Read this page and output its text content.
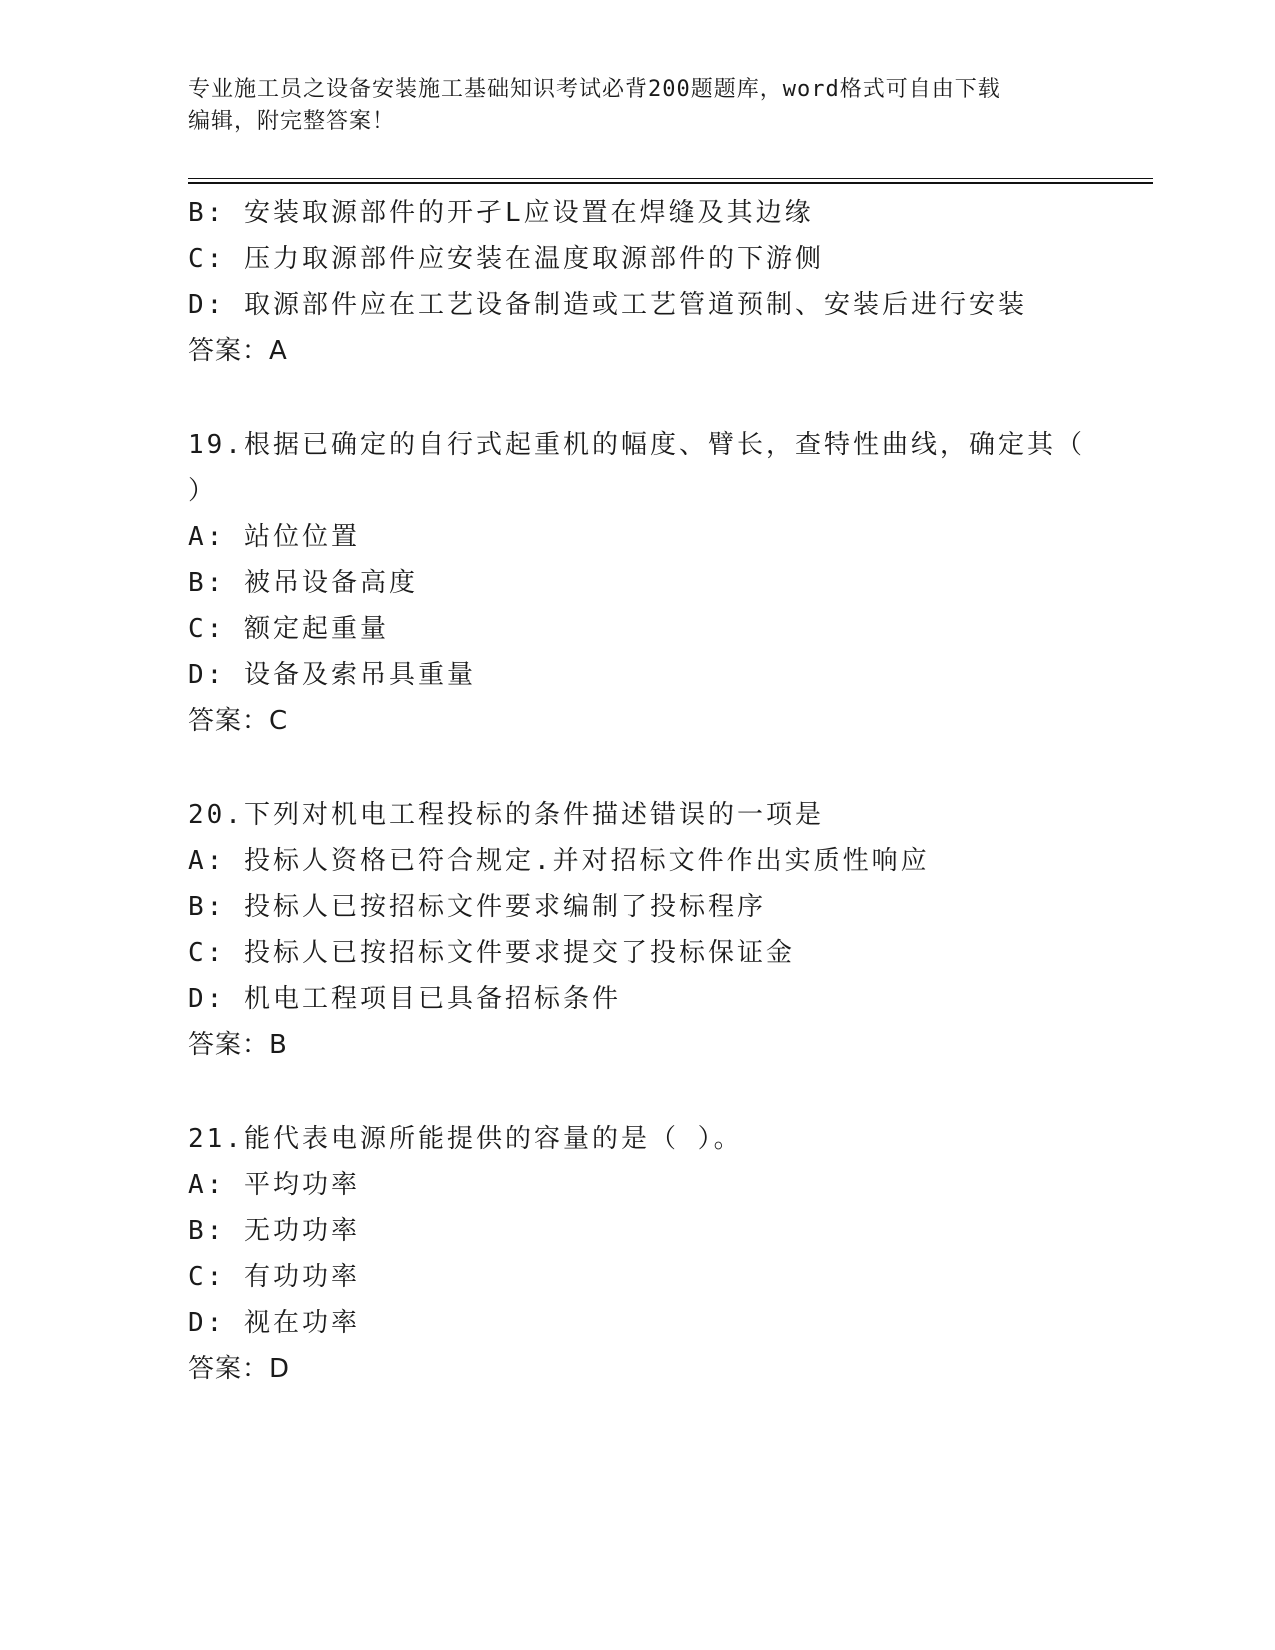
专业施工员之设备安装施工基础知识考试必背200题题库，word格式可自由下载
编辑，附完整答案！
B: 安装取源部件的开孑L应设置在焊缝及其边缘
C: 压力取源部件应安装在温度取源部件的下游侧
D: 取源部件应在工艺设备制造或工艺管道预制、安装后进行安装
答案：A
19.根据已确定的自行式起重机的幅度、臂长，查特性曲线，确定其（
）
A: 站位位置
B: 被吊设备高度
C: 额定起重量
D: 设备及索吊具重量
答案：C
20.下列对机电工程投标的条件描述错误的一项是
A: 投标人资格已符合规定.并对招标文件作出实质性响应
B: 投标人已按招标文件要求编制了投标程序
C: 投标人已按招标文件要求提交了投标保证金
D: 机电工程项目已具备招标条件
答案：B
21.能代表电源所能提供的容量的是（ ）。
A: 平均功率
B: 无功功率
C: 有功功率
D: 视在功率
答案：D
